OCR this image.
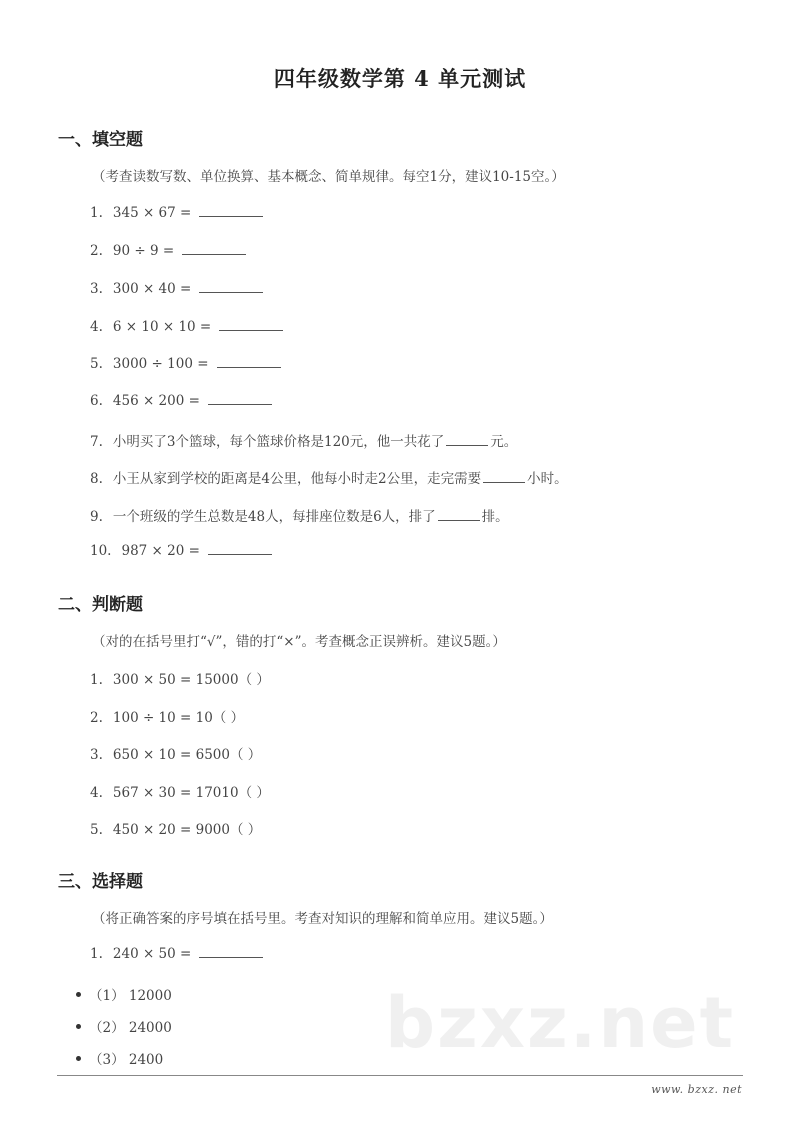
四年级数学第 4 单元测试
一、填空题
（考查读数写数、单位换算、基本概念、简单规律。每空1分，建议10-15空。）
1. 345 × 67 =
2. 90 ÷ 9 =
3. 300 × 40 =
4. 6 × 10 × 10 =
5. 3000 ÷ 100 =
6. 456 × 200 =
7. 小明买了3个篮球，每个篮球价格是120元，他一共花了	元。
8. 小王从家到学校的距离是4公里，他每小时走2公里，走完需要	小时。
9. 一个班级的学生总数是48人，每排座位数是6人，排了	排。
10. 987 × 20 =
二、判断题
（对的在括号里打“√”，错的打“×”。考查概念正误辨析。建议5题。）
1. 300 × 50 = 15000（ ）
2. 100 ÷ 10 = 10（ ）
3. 650 × 10 = 6500（ ）
4. 567 × 30 = 17010（ ）
5. 450 × 20 = 9000（ ）
三、选择题
（将正确答案的序号填在括号里。考查对知识的理解和简单应用。建议5题。）
1. 240 × 50 =
（1） 12000
（2） 24000
（3） 2400	bzxz.net
www. bzxz. net
